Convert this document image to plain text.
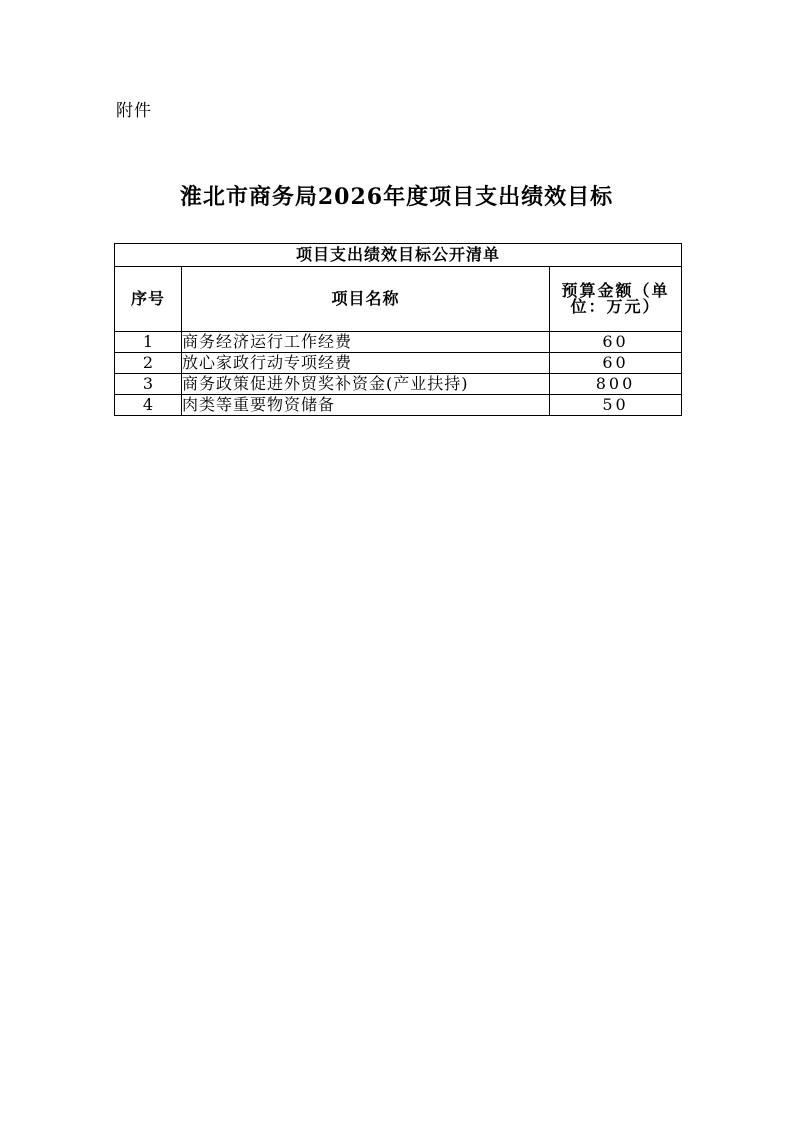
附件
淮北市商务局2026年度项目支出绩效目标
项目支出绩效目标公开清单		
序号	项目名称	预算金额（单位：万元）
1	商务经济运行工作经费	60
2	放心家政行动专项经费	60
3	商务政策促进外贸奖补资金(产业扶持)	800
4	肉类等重要物资储备	50
